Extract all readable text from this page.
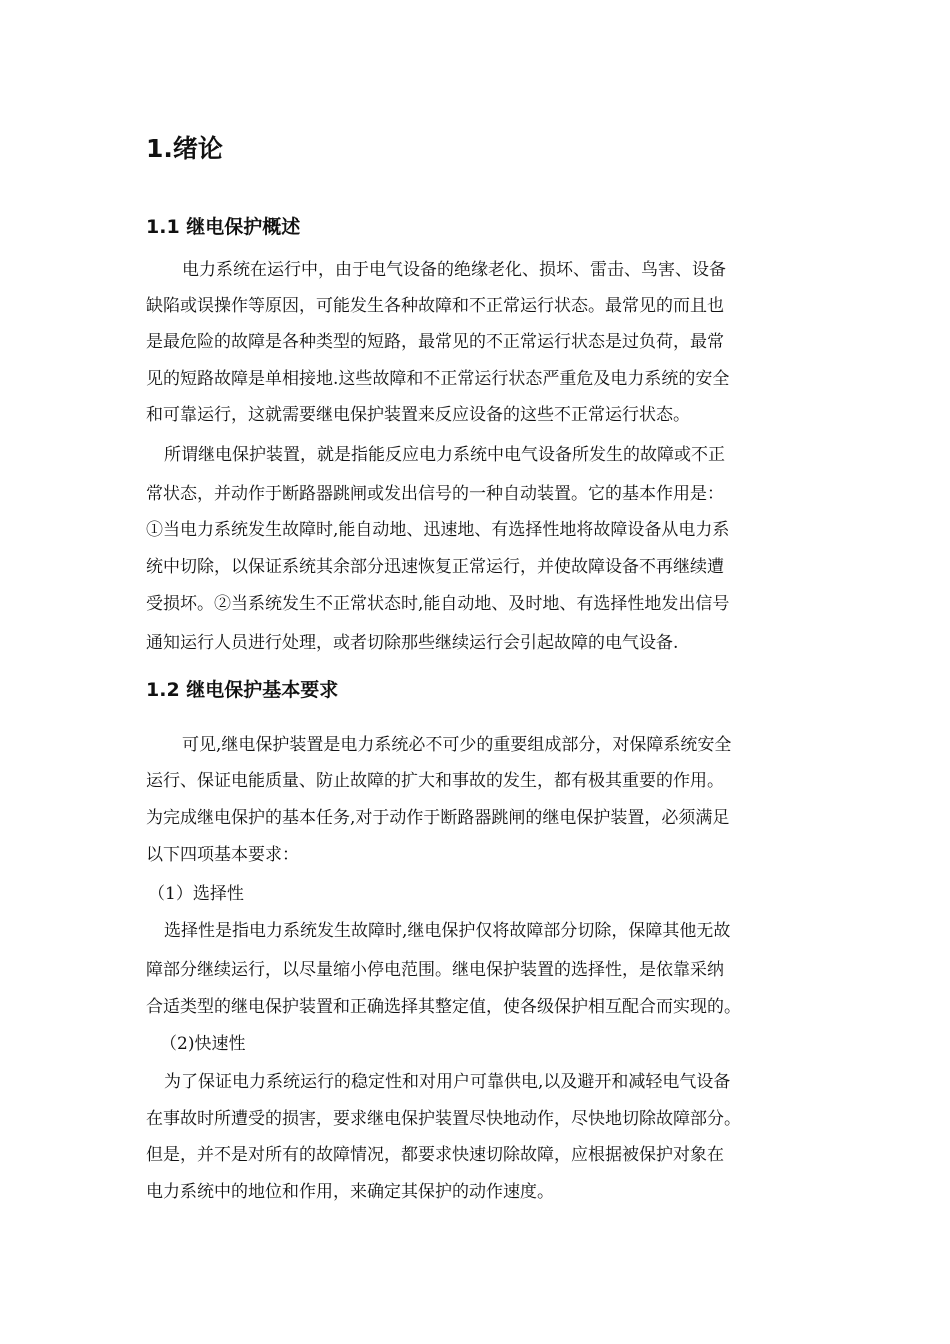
1.绪论
1.1 继电保护概述

电力系统在运行中，由于电气设备的绝缘老化、损坏、雷击、鸟害、设备

缺陷或误操作等原因，可能发生各种故障和不正常运行状态。最常见的而且也

是最危险的故障是各种类型的短路，最常见的不正常运行状态是过负荷，最常

见的短路故障是单相接地.这些故障和不正常运行状态严重危及电力系统的安全

和可靠运行，这就需要继电保护装置来反应设备的这些不正常运行状态。

所谓继电保护装置，就是指能反应电力系统中电气设备所发生的故障或不正

常状态，并动作于断路器跳闸或发出信号的一种自动装置。它的基本作用是：

①当电力系统发生故障时,能自动地、迅速地、有选择性地将故障设备从电力系

统中切除，以保证系统其余部分迅速恢复正常运行，并使故障设备不再继续遭

受损坏。②当系统发生不正常状态时,能自动地、及时地、有选择性地发出信号

通知运行人员进行处理，或者切除那些继续运行会引起故障的电气设备.

1.2 继电保护基本要求

可见,继电保护装置是电力系统必不可少的重要组成部分，对保障系统安全

运行、保证电能质量、防止故障的扩大和事故的发生，都有极其重要的作用。

为完成继电保护的基本任务,对于动作于断路器跳闸的继电保护装置，必须满足

以下四项基本要求：

（1）选择性

选择性是指电力系统发生故障时,继电保护仅将故障部分切除，保障其他无故

障部分继续运行，以尽量缩小停电范围。继电保护装置的选择性，是依靠采纳

合适类型的继电保护装置和正确选择其整定值，使各级保护相互配合而实现的。

（2)快速性

为了保证电力系统运行的稳定性和对用户可靠供电,以及避开和减轻电气设备

在事故时所遭受的损害，要求继电保护装置尽快地动作，尽快地切除故障部分。

但是，并不是对所有的故障情况，都要求快速切除故障，应根据被保护对象在

电力系统中的地位和作用，来确定其保护的动作速度。
